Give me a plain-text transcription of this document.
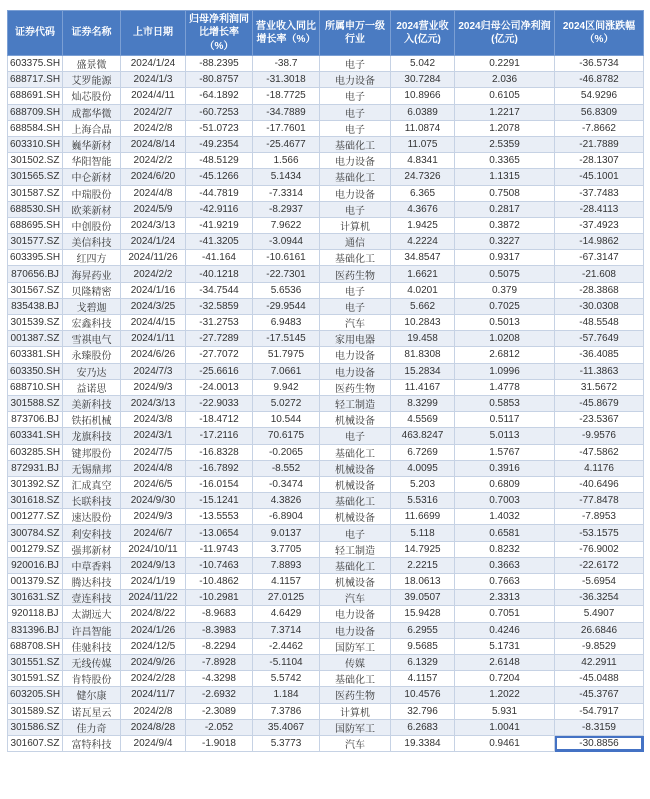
证券代码	证券名称	上市日期	归母净利润同比增长率（%）	营业收入同比增长率（%）	所属申万一级行业	2024营业收入(亿元)	2024归母公司净利润(亿元)	2024区间涨跌幅（%）
603375.SH	盛景微	2024/1/24	-88.2395	-38.7	电子	5.042	0.2291	-36.5734
688717.SH	艾罗能源	2024/1/3	-80.8757	-31.3018	电力设备	30.7284	2.036	-46.8782
688691.SH	灿芯股份	2024/4/11	-64.1892	-18.7725	电子	10.8966	0.6105	54.9296
688709.SH	成都华微	2024/2/7	-60.7253	-34.7889	电子	6.0389	1.2217	56.8309
688584.SH	上海合晶	2024/2/8	-51.0723	-17.7601	电子	11.0874	1.2078	-7.8662
603310.SH	巍华新材	2024/8/14	-49.2354	-25.4677	基础化工	11.075	2.5359	-21.7889
301502.SZ	华阳智能	2024/2/2	-48.5129	1.566	电力设备	4.8341	0.3365	-28.1307
301565.SZ	中仑新材	2024/6/20	-45.1266	5.1434	基础化工	24.7326	1.1315	-45.1001
301587.SZ	中瑞股份	2024/4/8	-44.7819	-7.3314	电力设备	6.365	0.7508	-37.7483
688530.SH	欧莱新材	2024/5/9	-42.9116	-8.2937	电子	4.3676	0.2817	-28.4113
688695.SH	中创股份	2024/3/13	-41.9219	7.9622	计算机	1.9425	0.3872	-37.4923
301577.SZ	美信科技	2024/1/24	-41.3205	-3.0944	通信	4.2224	0.3227	-14.9862
603395.SH	红四方	2024/11/26	-41.164	-10.6161	基础化工	34.8547	0.9317	-67.3147
870656.BJ	海昇药业	2024/2/2	-40.1218	-22.7301	医药生物	1.6621	0.5075	-21.608
301567.SZ	贝隆精密	2024/1/16	-34.7544	5.6536	电子	4.0201	0.379	-28.3868
835438.BJ	戈碧迦	2024/3/25	-32.5859	-29.9544	电子	5.662	0.7025	-30.0308
301539.SZ	宏鑫科技	2024/4/15	-31.2753	6.9483	汽车	10.2843	0.5013	-48.5548
001387.SZ	雪祺电气	2024/1/11	-27.7289	-17.5145	家用电器	19.458	1.0208	-57.7649
603381.SH	永臻股份	2024/6/26	-27.7072	51.7975	电力设备	81.8308	2.6812	-36.4085
603350.SH	安乃达	2024/7/3	-25.6616	7.0661	电力设备	15.2834	1.0996	-11.3863
688710.SH	益诺思	2024/9/3	-24.0013	9.942	医药生物	11.4167	1.4778	31.5672
301588.SZ	美新科技	2024/3/13	-22.9033	5.0272	轻工制造	8.3299	0.5853	-45.8679
873706.BJ	铁拓机械	2024/3/8	-18.4712	10.544	机械设备	4.5569	0.5117	-23.5367
603341.SH	龙旗科技	2024/3/1	-17.2116	70.6175	电子	463.8247	5.0113	-9.9576
603285.SH	键邦股份	2024/7/5	-16.8328	-0.2065	基础化工	6.7269	1.5767	-47.5862
872931.BJ	无锡鼎邦	2024/4/8	-16.7892	-8.552	机械设备	4.0095	0.3916	4.1176
301392.SZ	汇成真空	2024/6/5	-16.0154	-0.3474	机械设备	5.203	0.6809	-40.6496
301618.SZ	长联科技	2024/9/30	-15.1241	4.3826	基础化工	5.5316	0.7003	-77.8478
001277.SZ	速达股份	2024/9/3	-13.5553	-6.8904	机械设备	11.6699	1.4032	-7.8953
300784.SZ	利安科技	2024/6/7	-13.0654	9.0137	电子	5.118	0.6581	-53.1575
001279.SZ	强邦新材	2024/10/11	-11.9743	3.7705	轻工制造	14.7925	0.8232	-76.9002
920016.BJ	中草香料	2024/9/13	-10.7463	7.8893	基础化工	2.2215	0.3663	-22.6172
001379.SZ	腾达科技	2024/1/19	-10.4862	4.1157	机械设备	18.0613	0.7663	-5.6954
301631.SZ	壹连科技	2024/11/22	-10.2981	27.0125	汽车	39.0507	2.3313	-36.3254
920118.BJ	太湖远大	2024/8/22	-8.9683	4.6429	电力设备	15.9428	0.7051	5.4907
831396.BJ	许昌智能	2024/1/26	-8.3983	7.3714	电力设备	6.2955	0.4246	26.6846
688708.SH	佳驰科技	2024/12/5	-8.2294	-2.4462	国防军工	9.5685	5.1731	-9.8529
301551.SZ	无线传媒	2024/9/26	-7.8928	-5.1104	传媒	6.1329	2.6148	42.2911
301591.SZ	肯特股份	2024/2/28	-4.3298	5.5742	基础化工	4.1157	0.7204	-45.0488
603205.SH	健尔康	2024/11/7	-2.6932	1.184	医药生物	10.4576	1.2022	-45.3767
301589.SZ	诺瓦星云	2024/2/8	-2.3089	7.3786	计算机	32.796	5.931	-54.7917
301586.SZ	佳力奇	2024/8/28	-2.052	35.4067	国防军工	6.2683	1.0041	-8.3159
301607.SZ	富特科技	2024/9/4	-1.9018	5.3773	汽车	19.3384	0.9461	-30.8856
